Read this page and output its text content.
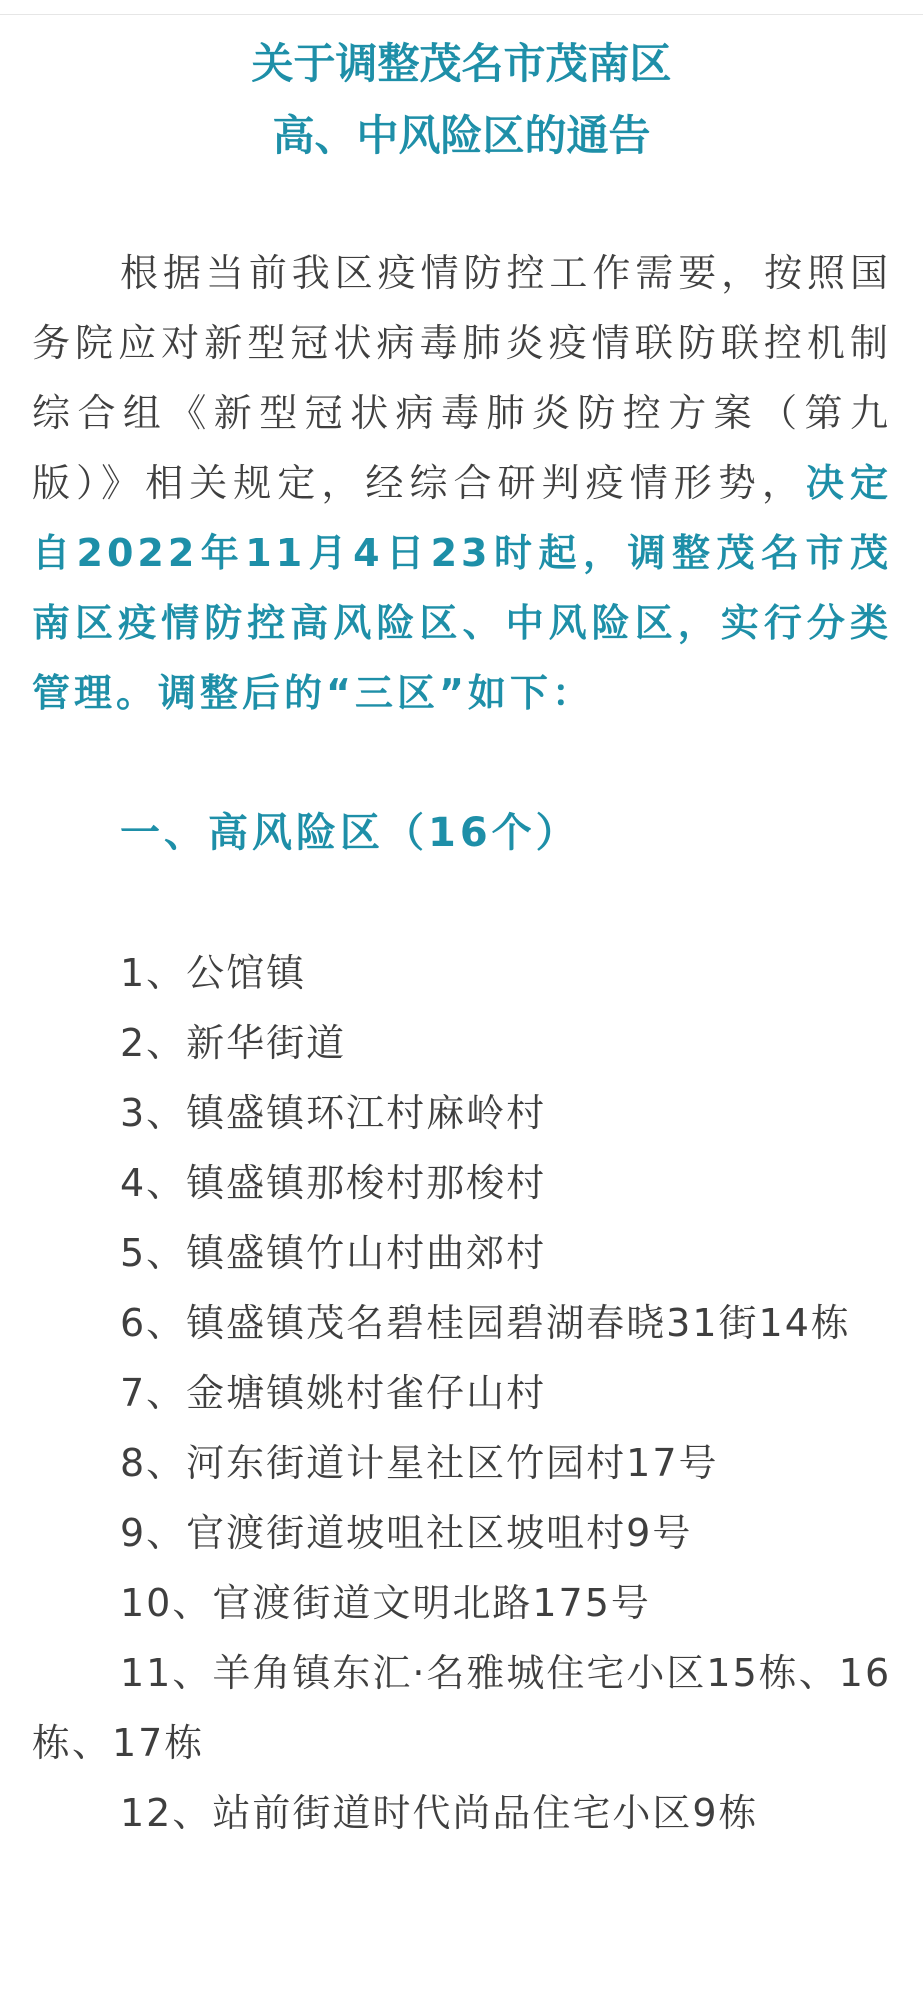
关于调整茂名市茂南区
高、中风险区的通告

根据当前我区疫情防控工作需要，按照国务院应对新型冠状病毒肺炎疫情联防联控机制综合组《新型冠状病毒肺炎防控方案（第九版）》相关规定，经综合研判疫情形势，决定自2022年11月4日23时起，调整茂名市茂南区疫情防控高风险区、中风险区，实行分类管理。调整后的“三区”如下：

一、高风险区（16个）

1、公馆镇

2、新华街道

3、镇盛镇环江村麻岭村

4、镇盛镇那梭村那梭村

5、镇盛镇竹山村曲郊村

6、镇盛镇茂名碧桂园碧湖春晓31街14栋

7、金塘镇姚村雀仔山村

8、河东街道计星社区竹园村17号

9、官渡街道坡咀社区坡咀村9号

10、官渡街道文明北路175号

11、羊角镇东汇·名雅城住宅小区15栋、16栋、17栋

12、站前街道时代尚品住宅小区9栋
